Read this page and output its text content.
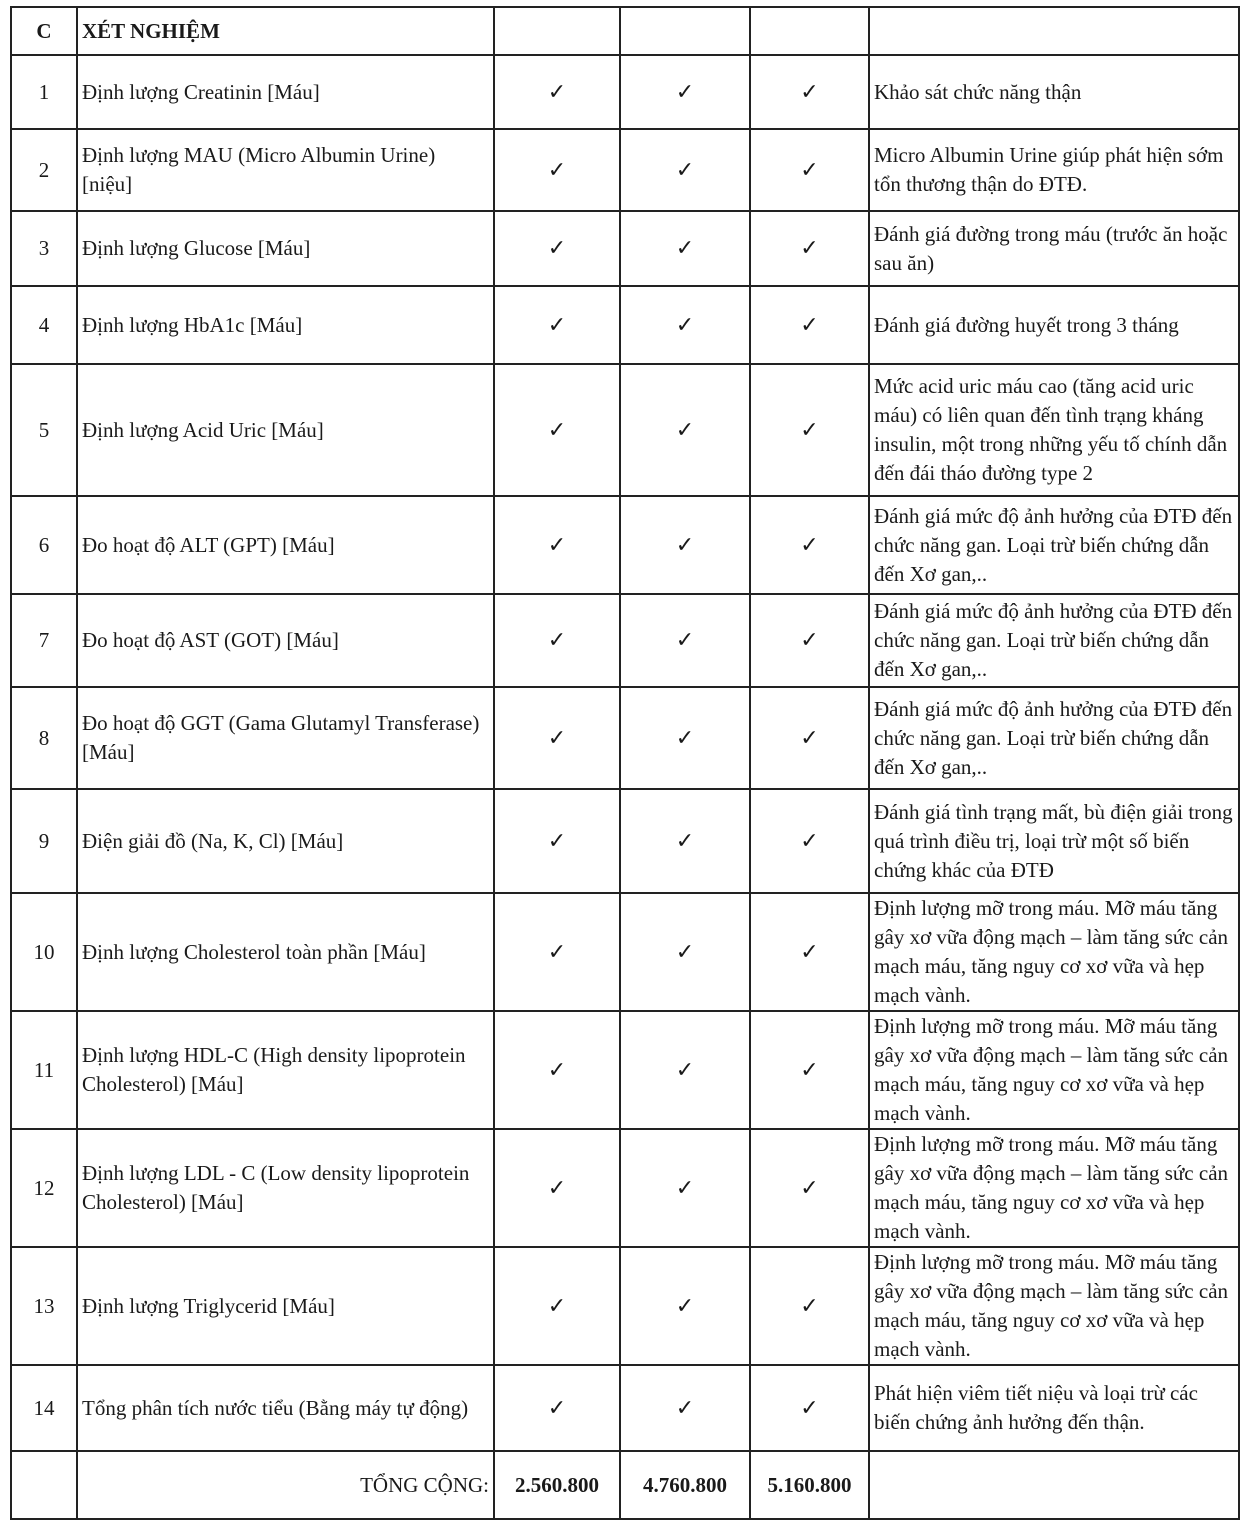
C	XÉT NGHIỆM				
1	Định lượng Creatinin [Máu]	✓	✓	✓	Khảo sát chức năng thận
2	Định lượng MAU (Micro Albumin Urine) [niệu]	✓	✓	✓	Micro Albumin Urine giúp phát hiện sớm tổn thương thận do ĐTĐ.
3	Định lượng Glucose [Máu]	✓	✓	✓	Đánh giá đường trong máu (trước ăn hoặc sau ăn)
4	Định lượng HbA1c [Máu]	✓	✓	✓	Đánh giá đường huyết trong 3 tháng
5	Định lượng Acid Uric [Máu]	✓	✓	✓	Mức acid uric máu cao (tăng acid uric máu) có liên quan đến tình trạng kháng insulin, một trong những yếu tố chính dẫn đến đái tháo đường type 2
6	Đo hoạt độ ALT (GPT) [Máu]	✓	✓	✓	Đánh giá mức độ ảnh hưởng của ĐTĐ đến chức năng gan. Loại trừ biến chứng dẫn đến Xơ gan,..
7	Đo hoạt độ AST (GOT) [Máu]	✓	✓	✓	Đánh giá mức độ ảnh hưởng của ĐTĐ đến chức năng gan. Loại trừ biến chứng dẫn đến Xơ gan,..
8	Đo hoạt độ GGT (Gama Glutamyl Transferase) [Máu]	✓	✓	✓	Đánh giá mức độ ảnh hưởng của ĐTĐ đến chức năng gan. Loại trừ biến chứng dẫn đến Xơ gan,..
9	Điện giải đồ (Na, K, Cl) [Máu]	✓	✓	✓	Đánh giá tình trạng mất, bù điện giải trong quá trình điều trị, loại trừ một số biến chứng khác của ĐTĐ
10	Định lượng Cholesterol toàn phần [Máu]	✓	✓	✓	Định lượng mỡ trong máu. Mỡ máu tăng gây xơ vữa động mạch – làm tăng sức cản mạch máu, tăng nguy cơ xơ vữa và hẹp mạch vành.
11	Định lượng HDL-C (High density lipoprotein Cholesterol) [Máu]	✓	✓	✓	Định lượng mỡ trong máu. Mỡ máu tăng gây xơ vữa động mạch – làm tăng sức cản mạch máu, tăng nguy cơ xơ vữa và hẹp mạch vành.
12	Định lượng LDL - C (Low density lipoprotein Cholesterol) [Máu]	✓	✓	✓	Định lượng mỡ trong máu. Mỡ máu tăng gây xơ vữa động mạch – làm tăng sức cản mạch máu, tăng nguy cơ xơ vữa và hẹp mạch vành.
13	Định lượng Triglycerid [Máu]	✓	✓	✓	Định lượng mỡ trong máu. Mỡ máu tăng gây xơ vữa động mạch – làm tăng sức cản mạch máu, tăng nguy cơ xơ vữa và hẹp mạch vành.
14	Tổng phân tích nước tiểu (Bằng máy tự động)	✓	✓	✓	Phát hiện viêm tiết niệu và loại trừ các biến chứng ảnh hưởng đến thận.
	TỔNG CỘNG:	2.560.800	4.760.800	5.160.800	
